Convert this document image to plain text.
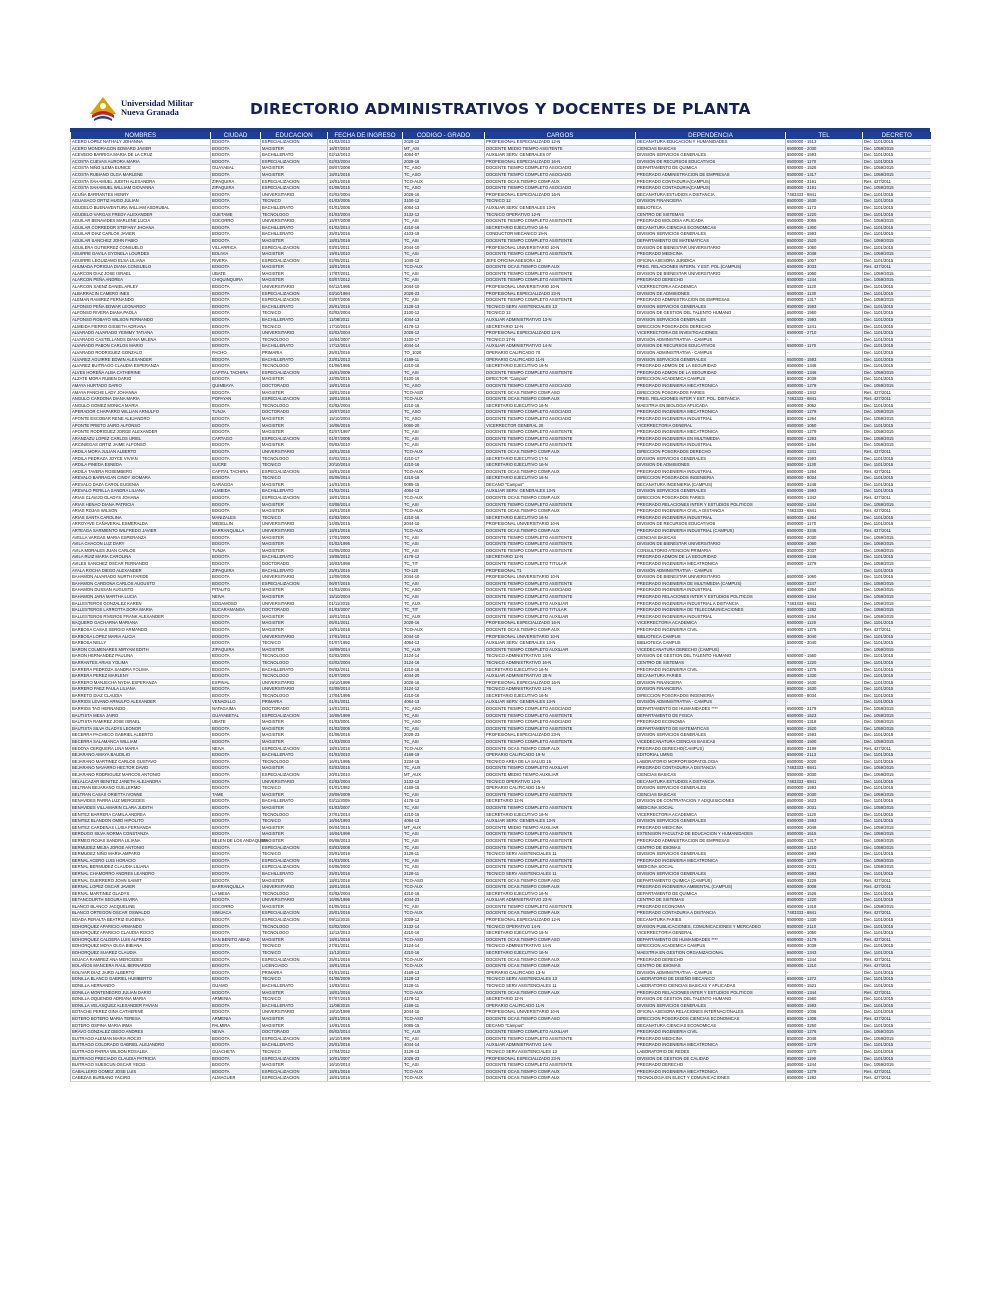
Universidad Militar
Nueva Granada	DIRECTORIO ADMINISTRATIVOS Y DOCENTES DE PLANTA
NOMBRES	CIUDAD	EDUCACION	FECHA DE INGRESO	CODIGO - GRADO	CARGOS	DEPENDENCIA	TEL	DECRETO
ACERO LOPEZ NATHALY JOHANNA	BOGOTA	ESPECIALIZACION	01/02/2013	2028-12	PROFESIONAL ESPECIALIZADO 12-N	DECANATURA EDUCACION Y HUMANIDADES	6500000 - 1513	Dec. 1101/2015
ACERO MONDRAGON EDWARD JAVIER	BOGOTA	MAGISTER	16/07/2010	MT_ASI	DOCENTE MEDIO TIEMPO ASISTENTE	CIENCIAS BASICAS	6500000 - 2030	Dec. 1059/2015
ACEVEDO BARRIGA MARIA DE LA CRUZ	BOGOTA	BACHILLERATO	02/12/2013	4064-07	AUXILIAR SERV. GENERALES 07	DIVISION SERVICIOS GENERALES	6500000 - 1593	Dec. 1101/2015
ACOSTA CUEVAS AURORA MARIA	BOGOTA	ESPECIALIZACION	02/03/2004	2028-16	PROFESIONAL ESPECIALIZADO 16-N	DIVISION DE RECURSOS EDUCATIVOS	6500000 - 1170	Dec. 1101/2015
ACOSTA NIÑO ILEMA EUNICE	GUAYABAL	MAGISTER	08/07/2008	TC_ASO	DOCENTE TIEMPO COMPLETO ASOCIADO	DEPARTAMENTO DE QUIMICA	6500000 - 1526	Dec. 1059/2015
ACOSTA RUBIANO OLGA MARLENE	BOGOTA	MAGISTER	18/01/2016	TC_ASO	DOCENTE TIEMPO COMPLETO ASOCIADO	PREGRADO ADMINISTRACION DE EMPRESAS	6500000 - 1317	Dec. 1059/2015
ACOSTA SAHAMUEL JUDITH ALEXANDRA	ZIPAQUIRA	ESPECIALIZACION	18/01/2016	TCO-AUX	DOCENTE OCAS.TIEMPO COMP.AUX	PREGRADO CONTADURIA(CAMPUS)	6500000 - 3191	Res. 427/2011
ACOSTA SAHAMUEL WILLIAM GIOVANNA	ZIPAQUIRA	ESPECIALIZACION	01/08/2015	TC_ASO	DOCENTE TIEMPO COMPLETO ASOCIADO	PREGRADO CONTADURIA(CAMPUS)	6500000 - 3191	Dec. 1059/2015
ACUÑA BARRANTES HENRY	BOGOTA	UNIVERSITARIO	02/02/2004	2028-16	PROFESIONAL ESPECIALIZADO 16-N	DECANATURA ESTUDIOS A DISTANCIA	7483333 - 6841	Dec. 1101/2015
AGUASACO ORTIZ HUGO JULIAN	BOGOTA	TECNICO	01/03/2005	3100-12	TECNICO 12	DIVISION FINANCIERA	6500000 - 1630	Dec. 1101/2015
AGUDELO BUENAVENTURA WILLIAM ASDRUBAL	BOGOTA	BACHILLERATO	01/01/2006	4064-13	AUXILIAR SERV. GENERALES 13-N	BIBLIOTECA	6500000 - 1173	Dec. 1101/2015
AGUDELO VARGAS FREDY ALEXANDER	GUETAME	TECNOLOGO	01/03/2004	3132-12	TECNICO OPERATIVO 12-N	CENTRO DE SISTEMAS	6500000 - 1220	Dec. 1101/2015
AGUILAR BENAVIDES MARLENE LUCIA	SOCORRO	UNIVERSITARIO	15/07/2008	TC_ASI	DOCENTE TIEMPO COMPLETO ASISTENTE	PREGRADO BIOLOGIA APLICADA	6500000 - 3065	Dec. 1059/2015
AGUILAR CORREDOR STEFANY JHOANA	BOGOTA	BACHILLERATO	01/02/2014	4210-16	SECRETARIO EJECUTIVO 16-N	DECANATURA CIENCIAS ECONOMICAS	6500000 - 1300	Dec. 1101/2015
AGUILAR DIAZ CARLOS JAVIER	BOGOTA	BACHILLERATO	25/01/2016	4103-19	CONDUCTOR MECANICO 19-N	DIVISION SERVICIOS GENERALES	6500000 - 1593	Dec. 1101/2015
AGUILAR SANCHEZ JOHN FABIO	BOGOTA	MAGISTER	18/01/2016	TC_ASI	DOCENTE TIEMPO COMPLETO ASISTENTE	DEPARTAMENTO DE MATEMATICAS	6500000 - 1520	Dec. 1059/2015
AGUILERA GUTIERREZ CONSUELO	VILLARRICA	ESPECIALIZACION	03/01/2011	2044-10	PROFESIONAL UNIVERSITARIO 10-N	DIVISION DE BIENESTAR UNIVERSITARIO	6500000 - 1060	Dec. 1101/2015
AGUIRRE DAVILA GYONELA LOURDES	BOLIVIA	MAGISTER	19/01/2010	TC_ASI	DOCENTE TIEMPO COMPLETO ASISTENTE	PREGRADO MEDICINA	6500000 - 2048	Dec. 1059/2015
AGUIRRE LEGUIZAMO ELSA LILIANA	RIVERA	ESPECIALIZACION	02/05/2011	1045-12	JEFE OFICINA ASESORA 12	OFICINA ASESORA JURIDICA	6500000 - 1007	Dec. 1101/2015
AHUMADA FORIGUA DIANA CONSUELO	BOGOTA	MAGISTER	18/01/2016	TCO-AUX	DOCENTE OCAS.TIEMPO COMP.AUX	PREG. RELACIONES INTERN. Y EST. POL.(CAMPUS)	6500000 - 3033	Res. 427/2011
ALARCON DIAZ JOSE ISRAEL	UBATE	MAGISTER	17/07/2011	TC_ASI	DOCENTE TIEMPO COMPLETO ASISTENTE	DIVISION DE BIENESTAR UNIVERSITARIO	6500000 - 1060	Dec. 1059/2015
ALARCON PEÑA ANDREA	CHIQUINQUIRA	MAGISTER	03/07/2012	TC_ASI	DOCENTE TIEMPO COMPLETO ASISTENTE	PREGRADO DERECHO	6500000 - 1244	Dec. 1059/2015
ALARCON SAENZ DANIEL ARLEY	BOGOTA	UNIVERSITARIO	04/12/1995	2044-10	PROFESIONAL UNIVERSITARIO 10-N	VICERRECTORIA ACADEMICA	6500000 - 1120	Dec. 1101/2015
ALBARRACIN CAMERO INES	BOGOTA	ESPECIALIZACION	03/10/1994	2028-23	PROFESIONAL ESPECIALIZADO 23-N	DIVISION DE ADMISIONES	6500000 - 1130	Dec. 1101/2015
ALEMAN RAMIREZ FERNANDO	BOGOTA	ESPECIALIZACION	03/07/2005	TC_ASI	DOCENTE TIEMPO COMPLETO ASISTENTE	PREGRADO ADMINISTRACION DE EMPRESAS	6500000 - 1317	Dec. 1059/2015
ALFONSO PEÑA EDWAR LEONARDO	BOGOTA	BACHILLERATO	25/01/2016	3128-13	TECNICO SERV ASISTENCIALES 13	DIVISION SERVICIOS GENERALES	6500000 - 1593	Dec. 1101/2015
ALFONSO RIVERA DIANA PAOLA	BOGOTA	TECNICO	02/02/2004	3100-12	TECNICO 12	DIVISION DE GESTION DEL TALENTO HUMANO	6500000 - 1560	Dec. 1101/2015
ALFONSO ROBAYO WILSON FERNANDO	BOGOTA	BACHILLERATO	11/08/2011	4044-13	AUXILIAR ADMINISTRATIVO 13-N	DIVISION SERVICIOS GENERALES	6500000 - 1593	Dec. 1101/2015
ALMEIDA FIERRO GISSETH ADRIANA	BOGOTA	TECNICO	17/10/2014	4178-12	SECRETARIO 12-N	DIRECCION POSGRADOS DERECHO	6500000 - 1241	Dec. 1101/2015
ALVARADO ALVARADO YEIMMY TATIANA	BOGOTA	UNIVERSITARIO	02/02/2004	2028-12	PROFESIONAL ESPECIALIZADO 12-N	VICERRECTORIA DE INVESTIGACIONES	6500000 - 2710	Dec. 1101/2015
ALVARADO CASTELLANOS DIANA MILENA	BOGOTA	TECNOLOGO	16/04/2007	3100-17	TECNICO 17-N	DIVISIÓN ADMINISTRATIVA - CAMPUS	-	Dec. 1101/2015
ALVARADO PABON CARLOS MARIO	BOGOTA	BACHILLERATO	17/12/2014	4044-14	AUXILIAR ADMINISTRATIVO 14-N	DIVISION DE RECURSOS EDUCATIVOS	6500000 - 1170	Dec. 1101/2015
ALVARADO RODRIGUEZ GONZALO	PACHO	PRIMARIA	25/01/2016	TO_1020	OPERARIO CALIFICADO 70	DIVISIÓN ADMINISTRATIVA - CAMPUS	-	Dec. 1101/2015
ALVAREZ AGUIRRE EDWIN ALEXANDER	BOGOTA	BACHILLERATO	23/01/2013	4169-11	OPERARIO CALIFICADO 11-N	DIVISION SERVICIOS GENERALES	6500000 - 1593	Dec. 1101/2015
ALVAREZ BUITRAGO CLAUDIA ESPERANZA	BOGOTA	TECNOLOGO	01/06/1995	4210-16	SECRETARIO EJECUTIVO 16-N	PREGRADO ADMON DE LA SEGURIDAD	6500000 - 1346	Dec. 1101/2015
ALVES HOREÑA ALBA CATHERINE	CAPITAL TACHIRA	ESPECIALIZACION	15/01/2009	TC_ASI	DOCENTE TIEMPO COMPLETO ASISTENTE	PREGRADO ADMON DE LA SEGURIDAD	6500000 - 1346	Dec. 1059/2015
ALZATE MORA RUBEN DARIO	BOGOTA	MAGISTER	22/05/2015	0100-16	DIRECTOR "Campus"	DIRECCION ACADEMICA CAMPUS	6500000 - 3039	Dec. 1101/2015
AMAYA HURTADO DARIO	QUIMBAYA	DOCTORADO	18/01/2016	TC_ASO	DOCENTE TIEMPO COMPLETO ASOCIADO	PREGRADO INGENIERIA MECATRONICA	6500000 - 1279	Dec. 1059/2015
AMAYA PANCHE LADY JOHANNA	BOGOTA	MAGISTER	18/01/2016	TCO-ASO	DOCENTE OCAS.TIEMPO COMP.ASO	DIRECCION POSGRADOS FARIES	6500000 - 1342	Res. 427/2011
ANGULO CARDONA DIANA MARIA	POPAYAN	ESPECIALIZACION	18/01/2016	TCO-AUX	DOCENTE OCAS.TIEMPO COMP.AUX	PREG. RELACIONES INTER Y EST. POL. DISTANCIA	7483333 - 6841	Res. 427/2011
ANGULO GOMEZ MONICA MARIA	BOGOTA	TECNOLOGO	02/02/2004	4210-16	SECRETARIO EJECUTIVO 16-N	MAESTRIA EN BIOLOGIA APLICADA	6500000 - 3062	Dec. 1101/2015
APERADOR CHAPARRO WILLIAN ARNULFO	TUNJA	DOCTORADO	16/07/2010	TC_ASO	DOCENTE TIEMPO COMPLETO ASOCIADO	PREGRADO INGENIERIA MECATRONICA	6500000 - 1279	Dec. 1059/2015
APONTE ESCOBAR RENE ALEJANDRO	BOGOTA	MAGISTER	15/10/2004	TC_ASO	DOCENTE TIEMPO COMPLETO ASOCIADO	PREGRADO INGENIERIA INDUSTRIAL	6500000 - 1264	Dec. 1059/2015
APONTE PRIETO JAIRO ALFONSO	BOGOTA	MAGISTER	16/06/2015	0060-20	VICERRECTOR GENERAL 20	VICERRECTORIA GENERAL	6500000 - 1050	Dec. 1101/2015
APONTE RODRIGUEZ JORGE ALEXANDER	BOGOTA	MAGISTER	02/07/1997	TC_ASI	DOCENTE TIEMPO COMPLETO ASISTENTE	PREGRADO INGENIERIA MECATRONICA	6500000 - 1279	Dec. 1059/2015
ARANZAZU LOPEZ CARLOS URIEL	CARTAGO	ESPECIALIZACION	01/07/2005	TC_ASI	DOCENTE TIEMPO COMPLETO ASISTENTE	PREGRADO INGENIERIA EN MULTIMEDIA	6500000 - 1293	Dec. 1059/2015
ARCINIEGAS ORTIZ JAIME ALFONSO	BOGOTA	MAGISTER	05/02/2010	TC_ASI	DOCENTE TIEMPO COMPLETO ASISTENTE	PREGRADO INGENIERIA INDUSTRIAL	6500000 - 1264	Dec. 1059/2015
ARDILA MORA JULIAN ALBERTO	BOGOTA	UNIVERSITARIO	18/01/2016	TCO-AUX	DOCENTE OCAS.TIEMPO COMP.AUX	DIRECCION POSGRADOS DERECHO	6500000 - 1241	Res. 427/2011
ARDILA PEDRAZA JOYCE VIVIAN	BOGOTA	TECNOLOGO	03/02/2014	4210-17	SECRETARIO EJECUTIVO 17-N	DIVISION SERVICIOS GENERALES	6500000 - 1593	Dec. 1101/2015
ARDILA PINEDA ESNEDA	SUCRE	TECNICO	20/10/2014	4210-16	SECRETARIO EJECUTIVO 16-N	DIVISION DE ADMISIONES	6500000 - 1130	Dec. 1101/2015
ARDILA TAVERA ROSEMBERG	CAPITAL TACHIRA	ESPECIALIZACION	18/01/2016	TCO-AUX	DOCENTE OCAS.TIEMPO COMP.AUX	PREGRADO INGENIERIA INDUSTRIAL	6500000 - 1264	Res. 427/2011
AREVALO BARRAGAN CINDY XIOMARA	BOGOTA	TECNICO	05/09/2014	4210-16	SECRETARIO EJECUTIVO 16-N	DIRECCION POSGRADOS INGENIERIA	6500000 - 8034	Dec. 1101/2015
AREVALO DAZA CAROL EUGENIA	GARAGOA	MAGISTER	14/01/2015	0085-15	DECANO "Campus"	DECANATURA INGENIERIA (CAMPUS)	6500000 - 3248	Dec. 1101/2015
AREVALO PERILLA SANDRA LILIANA	ALMEIDA	BACHILLERATO	01/02/2011	4064-13	AUXILIAR SERV. GENERALES 13-N	DIVISION SERVICIOS GENERALES	6500000 - 1593	Dec. 1101/2015
ARIAS CLAVIJO GLADYS JOHANA	BOGOTA	ESPECIALIZACION	18/01/2016	TCO-AUX	DOCENTE OCAS.TIEMPO COMP.AUX	DIRECCION POSGRADOS FARIES	6500000 - 1342	Res. 427/2011
ARIAS HENAO DIANA PATRICIA	BOGOTA	MAGISTER	03/08/2014	TC_ASI	DOCENTE TIEMPO COMPLETO ASISTENTE	PREGRADO RELACIONES INTER Y ESTUDIOS POLITICOS	6500000 - 1344	Dec. 1059/2015
ARIAS ROJAS WILSON	BOGOTA	MAGISTER	18/01/2016	TCO-AUX	DOCENTE OCAS.TIEMPO COMP.AUX	PREGRADO INGENIERIA CIVIL A DISTANCIA	7483333 - 6841	Res. 427/2011
ARIAS SANTA CAROLINA	MANIZALES	TECNICO	02/02/2004	4210-16	SECRETARIO EJECUTIVO 16-N	PREGRADO INGENIERIA INDUSTRIAL	6500000 - 1264	Dec. 1101/2015
ARROYAVE CAÑAVERAL ESMERALDA	MEDELLIN	UNIVERSITARIO	14/05/2015	2044-10	PROFESIONAL UNIVERSITARIO 10-N	DIVISION DE RECURSOS EDUCATIVOS	6500000 - 1170	Dec. 1101/2015
ARTEAGA SARMIENTO WILFREDO JAVIER	BARRANQUILLA	UNIVERSITARIO	18/01/2016	TCO-AUX	DOCENTE OCAS.TIEMPO COMP.AUX	PREGRADO INGENIERIA INDUSTRIAL (CAMPUS)	6500000 - 3245	Res. 427/2011
AVELLA VARGAS MARIA ESPERANZA	BOGOTA	MAGISTER	17/01/2000	TC_ASI	DOCENTE TIEMPO COMPLETO ASISTENTE	CIENCIAS BASICAS	6500000 - 2030	Dec. 1059/2015
AVILA CHACON LUZ DARY	BOGOTA	MAGISTER	01/02/1995	TC_ASI	DOCENTE TIEMPO COMPLETO ASISTENTE	DIVISION DE BIENESTAR UNIVERSITARIO	6500000 - 1060	Dec. 1059/2015
AVILA MORALES JUAN CARLOS	TUNJA	MAGISTER	02/05/2003	TC_ASI	DOCENTE TIEMPO COMPLETO ASISTENTE	CONSULTORIO ATENCION PRIMARIA	6500000 - 2037	Dec. 1059/2015
AVILA RUIZ MARIA CAROLINA	BOGOTA	BACHILLERATO	19/06/2012	4178-12	SECRETARIO 12-N	PREGRADO ADMON DE LA SEGURIDAD	6500000 - 1346	Dec. 1101/2015
AVILES SANCHEZ OSCAR FERNANDO	BOGOTA	DOCTORADO	16/03/1998	TC_TIT	DOCENTE TIEMPO COMPLETO TITULAR	PREGRADO INGENIERIA MECATRONICA	6500000 - 1279	Dec. 1059/2015
AYALA ROCHA DIEGO ALEXANDER	ZIPAQUIRA	BACHILLERATO	25/01/2016	TO-120	PROFESIONAL T1	DIVISIÓN ADMINISTRATIVA - CAMPUS	-	Dec. 1101/2015
BAHAMON ALVARADO NURTH FARIDE	BOGOTA	UNIVERSITARIO	12/09/2005	2044-10	PROFESIONAL UNIVERSITARIO 10-N	DIVISION DE BIENESTAR UNIVERSITARIO	6500000 - 1060	Dec. 1101/2015
BAHAMON CARDONA CARLOS AUGUSTO	BOGOTA	ESPECIALIZACION	06/07/2015	TC_ASI	DOCENTE TIEMPO COMPLETO ASISTENTE	PREGRADO INGENIERIA DE MULTIMEDIA (CAMPUS)	6500000 - 3247	Dec. 1059/2015
BAHAMON DUSSAN AUGUSTO	PITALITO	MAGISTER	01/03/2004	TC_ASO	DOCENTE TIEMPO COMPLETO ASOCIADO	PREGRADO INGENIERIA INDUSTRIAL	6500000 - 1264	Dec. 1059/2015
BAHAMON JARA MARTHA LUCIA	NEIVA	MAGISTER	15/10/2004	TC_ASI	DOCENTE TIEMPO COMPLETO ASISTENTE	PREGRADO RELACIONES INTER Y ESTUDIOS POLITICOS	6500000 - 1344	Dec. 1059/2015
BALLESTEROS GONZALEZ KAREN	SOGAMOSO	UNIVERSITARIO	01/11/2015	TC_AUX	DOCENTE TIEMPO COMPLETO AUXILIAR	PREGRADO INGENIERIA INDUSTRIAL A DISTANCIA	7483333 - 6841	Dec. 1059/2015
BALLESTEROS LARROTTA DORA MARIA	BUCARAMANGA	DOCTORADO	01/03/2007	TC_TIT	DOCENTE TIEMPO COMPLETO TITULAR	PREGRADO INGENIERIA DE TELECOMUNICACIONES	6500000 - 1282	Dec. 1059/2015
BALLESTEROS RIVEROS FRANK ALEXANDER	BOGOTA	MAGISTER	18/01/2015	TC_AUX	DOCENTE TIEMPO COMPLETO AUXILIAR	PREGRADO INGENIERIA INDUSTRIAL	6500000 - 1264	Dec. 1059/2015
BAQUERO GACHARNA MARIANA	BOGOTA	MAGISTER	05/01/2011	2028-16	PROFESIONAL ESPECIALIZADO 16-N	VICERRECTORIA ACADEMICA	6500000 - 1120	Dec. 1101/2015
BARBOSA CASAS SERGIO ARMANDO	BOGOTA	MAGISTER	18/01/2016	TCO-AUX	DOCENTE OCAS.TIEMPO COMP.AUX	PREGRADO INGENIERIA CIVIL	6500000 - 1276	Res. 427/2011
BARBOSA LOPEZ MARIA ALICIA	BOGOTA	UNIVERSITARIO	17/01/2013	2044-10	PROFESIONAL UNIVERSITARIO 10-N	BIBLIOTECA CAMPUS	6500000 - 3040	Dec. 1101/2015
BARBOSA NELLY	BOGOTA	TECNICO	01/07/1992	4064-13	AUXILIAR SERV. GENERALES 13-N	BIBLIOTECA CAMPUS	6500000 - 3040	Dec. 1101/2015
BARON COLMENARES MIRYAM EDITH	ZIPAQUIRA	MAGISTER	18/09/2014	TC_AUX	DOCENTE TIEMPO COMPLETO AUXILIAR	VICEDECANATURA DERECHO (CAMPUS)	-	Dec. 1059/2015
BARON HERNANDEZ PAULINA	BOGOTA	TECNOLOGO	02/02/2004	3124-14	TECNICO ADMINISTRATIVO 14-N	DIVISION DE GESTION DEL TALENTO HUMANO	6500000 - 1560	Dec. 1101/2015
BARRANTES ARIAS YOLIMA	BOGOTA	TECNOLOGO	02/02/2004	3124-16	TECNICO ADMINISTRATIVO 16-N	CENTRO DE SISTEMAS	6500000 - 1220	Dec. 1101/2015
BARRERA PEDROZA SANDRA YOLIMA	BOGOTA	BACHILLERATO	08/02/2011	4210-16	SECRETARIO EJECUTIVO 16-N	PREGRADO INGENIERIA CIVIL	6500000 - 1276	Dec. 1101/2015
BARRERA PEREZ MARLENY	BOGOTA	TECNOLOGO	01/07/2003	4044-20	AUXILIAR ADMINISTRATIVO 20-N	DECANATURA FARIES	6500000 - 1330	Dec. 1101/2015
BARRERO MANJECHA NYDIA ESPERANZA	ESPINAL	UNIVERSITARIO	19/10/1999	2028-16	PROFESIONAL ESPECIALIZADO 16-N	DIVISION FINANCIERA	6500000 - 1630	Dec. 1101/2015
BARRERO PAEZ PAULA LILIANA	BOGOTA	UNIVERSITARIO	02/09/2014	3124-12	TECNICO ADMINISTRATIVO 12-N	DIVISION FINANCIERA	6500000 - 1630	Dec. 1101/2015
BARRETO DIAZ CLAUDIA	BOGOTA	TECNOLOGO	17/04/1995	4210-16	SECRETARIO EJECUTIVO 16-N	DIRECCION POSGRADOS INGENIERIA	6500000 - 8034	Dec. 1101/2015
BARRIOS LEVANO ARNULFO ALEXANDER	VENADILLO	PRIMARIA	01/01/2011	4064-13	AUXILIAR SERV. GENERALES 13-N	DIVISIÓN ADMINISTRATIVA - CAMPUS	-	Dec. 1101/2015
BARRIOS TAO HERNANDO	NATAGAIMA	DOCTORADO	14/01/2011	TC_ASO	DOCENTE TIEMPO COMPLETO ASOCIADO	DEPARTAMENTO DE HUMANIDADES ****	6500000 - 3179	Dec. 1059/2015
BAUTISTA MESA JAIRO	GUAYABETAL	ESPECIALIZACION	16/09/1999	TC_ASI	DOCENTE TIEMPO COMPLETO ASISTENTE	DEPARTAMENTO DE FISICA	6500000 - 1523	Dec. 1059/2015
BAUTISTA RAMIREZ JOSE ISRAEL	UBATE	MAGISTER	01/03/2001	TC_ASO	DOCENTE TIEMPO COMPLETO ASOCIADO	PREGRADO ECONOMIA	6500000 - 1318	Dec. 1059/2015
BAUTISTA SILVA GLADYS LEONOR	BOGOTA	MAGISTER	01/03/2005	TC_ASI	DOCENTE TIEMPO COMPLETO ASISTENTE	DEPARTAMENTO DE MATEMATICAS	6500000 - 1520	Dec. 1059/2015
BECERRA PACHECO GABRIEL ALBERTO	BOGOTA	MAGISTER	01/06/2015	2028-23	PROFESIONAL ESPECIALIZADO 23-N	DIVISION SERVICIOS GENERALES	6500000 - 1593	Dec. 1101/2015
BECERRA SALAMANCA WILLIAM	BOGOTA	MAGISTER	01/03/2003	TC_ASI	DOCENTE TIEMPO COMPLETO ASISTENTE	VICEDECANATURA CIENCIAS BASICAS	6500000 - 1500	Dec. 1059/2015
BEDOYA CERQUERA LINA MARIA	NEIVA	ESPECIALIZACION	18/01/2016	TCO-AUX	DOCENTE OCAS.TIEMPO COMP.AUX	PREGRADO DERECHO(CAMPUS)	6500000 - 3199	Res. 427/2011
BEJARANO AMAYA BAUDILIO	BOGOTA	BACHILLERATO	01/03/2010	4169-19	OPERARIO CALIFICADO 19-N	EDITORIAL UMNG	6500000 - 2113	Dec. 1101/2015
BEJARANO MARTINEZ CARLOS GUSTAVO	BOGOTA	TECNOLOGO	16/01/1995	3234-15	TECNICO AREA DE LA SALUD 15	LABORATORIO MORFOFISIOPATOLOGIA	6500000 - 2020	Dec. 1101/2015
BEJARANO NAVARRO HECTOR DAVID	BOGOTA	MAGISTER	02/03/2015	TC_AUX	DOCENTE TIEMPO COMPLETO AUXILIAR	PREGRADO CONTADURIA A DISTANCIA	7483333 - 6841	Dec. 1059/2015
BEJARANO RODRIGUEZ MARCOS ANTONIO	BOGOTA	ESPECIALIZACION	20/01/2010	MT_AUX	DOCENTE MEDIO TIEMPO AUXILIAR	CIENCIAS BASICAS	6500000 - 2030	Dec. 1059/2015
BELALCAZAR BENITEZ JANETH ALEJANDRA	BOGOTA	UNIVERSITARIO	02/02/2004	3132-12	TECNICO OPERATIVO 12-N	DECANATURA ESTUDIOS A DISTANCIA	7483333 - 6841	Dec. 1101/2015
BELTRAN BEJARANO GUILLERMO	BOGOTA	TECNICO	01/01/1982	4169-15	OPERARIO CALIFICADO 15-N	DIVISION SERVICIOS GENERALES	6500000 - 1593	Dec. 1101/2015
BELTRAN CASAS ORIETTA IVONNE	TAME	MAGISTER	29/09/2009	TC_ASI	DOCENTE TIEMPO COMPLETO ASISTENTE	CIENCIAS BASICAS	6500000 - 2030	Dec. 1059/2015
BENAVIDES PARRA LUZ MERCEDES	BOGOTA	BACHILLERATO	03/11/2009	4178-12	SECRETARIO 12-N	DIVISION DE CONTRATACION Y ADQUISICIONES	6500000 - 1623	Dec. 1101/2015
BENAVIDES VILLAMARIN CLARA JUDITH	BOGOTA	MAGISTER	01/03/2007	TC_ASI	DOCENTE TIEMPO COMPLETO ASISTENTE	MEDICINA SOCIAL	6500000 - 2031	Dec. 1059/2015
BENITEZ BARRERA CAMILA ANDREA	BOGOTA	TECNOLOGO	27/01/2014	4210-16	SECRETARIO EJECUTIVO 16-N	VICERRECTORIA ACADEMICA	6500000 - 1120	Dec. 1101/2015
BENITEZ BLANDON OMID HIPOLITO	BOGOTA	TECNICO	16/04/1993	4064-13	AUXILIAR SERV. GENERALES 13-N	DIVISION SERVICIOS GENERALES	6500000 - 1593	Dec. 1101/2015
BENITEZ CARDENAS LUISA FERNANDA	BOGOTA	MAGISTER	06/04/2015	MT_AUX	DOCENTE MEDIO TIEMPO AUXILIAR	PREGRADO MEDICINA	6500000 - 2048	Dec. 1059/2015
BERDUGO SILVA NORMA CONSTANZA	BOGOTA	MAGISTER	16/04/1998	TC_ASI	DOCENTE TIEMPO COMPLETO ASISTENTE	EXTENSION FACULTAD DE EDUCACION Y HUMANIDADES	6500000 - 1515	Dec. 1059/2015
BERMEO ROJAS SANDRA LILIANA	BELEN DE LOS ANDAQUIES	MAGISTER	05/08/2013	TC_ASI	DOCENTE TIEMPO COMPLETO ASISTENTE	PREGRADO ADMINISTRACION DE EMPRESAS	6500000 - 1317	Dec. 1059/2015
BERMUDEZ MEJIA JORGE ANTONIO	BOGOTA	ESPECIALIZACION	03/03/2008	TC_ASI	DOCENTE TIEMPO COMPLETO ASISTENTE	CENTRO DE IDIOMAS	6500000 - 1210	Dec. 1059/2015
BERMUDEZ NIÑO MARIA AMPARO	BOGOTA	TECNICO	25/01/2016	3128-11	TECNICO SERV ASISTENCIALES 11	DIVISION SERVICIOS GENERALES	6500000 - 1593	Dec. 1101/2015
BERNAL ACERO LUIS HORACIO	BOGOTA	ESPECIALIZACION	01/03/2001	TC_ASI	DOCENTE TIEMPO COMPLETO ASISTENTE	PREGRADO INGENIERIA MECATRONICA	6500000 - 1279	Dec. 1059/2015
BERNAL BERMUDEZ CLAUDIA LILIANA	BOGOTA	ESPECIALIZACION	04/06/2002	TC_ASI	DOCENTE TIEMPO COMPLETO ASISTENTE	MEDICINA SOCIAL	6500000 - 2031	Dec. 1059/2015
BERNAL CHAMORRO ANDRES LEANDRO	BOGOTA	BACHILLERATO	25/01/2016	3128-11	TECNICO SERV ASISTENCIALES 11	DIVISION SERVICIOS GENERALES	6500000 - 1593	Dec. 1101/2015
BERNAL GUERRERO JOHN SAIMIT	BOGOTA	MAGISTER	18/01/2016	TCO-ASO	DOCENTE OCAS.TIEMPO COMP.ASO	DEPARTAMENTO QUIMICA (CAMPUS)	6500000 - 3229	Res. 427/2011
BERNAL LOPEZ OSCAR JAVIER	BARRANQUILLA	UNIVERSITARIO	18/01/2016	TCO-AUX	DOCENTE OCAS.TIEMPO COMP.AUX	PREGRADO INGENIERIA AMBIENTAL (CAMPUS)	6500000 - 3008	Res. 427/2011
BERNAL MARTINEZ GLADYS	LA MESA	TECNOLOGO	02/02/2004	4210-16	SECRETARIO EJECUTIVO 16-N	DEPARTAMENTO DE QUIMICA	6500000 - 1526	Dec. 1101/2015
BETANCOURTH SEGURA ELVIRA	BOGOTA	UNIVERSITARIO	16/05/1996	4044-23	AUXILIAR ADMINISTRATIVO 23-N	CENTRO DE SISTEMAS	6500000 - 1220	Dec. 1101/2015
BLANCO BLANCO JACQUELINE	SOCORRO	MAGISTER	01/05/2013	TC_ASI	DOCENTE TIEMPO COMPLETO ASISTENTE	PREGRADO ECONOMIA	6500000 - 1318	Dec. 1059/2015
BLANCO ORTEGON OSCAR OSWALDO	SIMIJACA	ESPECIALIZACION	25/01/2016	TCO-AUX	DOCENTE OCAS.TIEMPO COMP.AUX	PREGRADO CONTADURIA A DISTANCIA	7483333 - 6841	Res. 427/2011
BOADA PERALTA BEATRIZ EUGENIA	BOGOTA	ESPECIALIZACION	09/11/2015	2028-12	PROFESIONAL ESPECIALIZADO 12-N	DECANATURA FARIES	6500000 - 1330	Dec. 1101/2015
BOHORQUEZ APARICIO ARMANDO	BOGOTA	TECNOLOGO	02/02/2004	3132-14	TECNICO OPERATIVO 14-N	DIVISION PUBLICACIONES, COMUNICACIONES Y MERCADEO	6500000 - 2110	Dec. 1101/2015
BOHORQUEZ APARICIO CLAUDIA ROCIO	BOGOTA	TECNOLOGO	12/12/2013	4210-16	SECRETARIO EJECUTIVO 16-N	VICERRECTORIA GENERAL	6500000 - 1050	Dec. 1101/2015
BOHORQUEZ CALDERA LUIS ALFREDO	SAN BENITO ABAD	MAGISTER	18/01/2016	TCO-ASO	DOCENTE OCAS.TIEMPO COMP.ASO	DEPARTAMENTO DE HUMANIDADES ****	6500000 - 3179	Res. 427/2011
BOHORQUEZ MOYA OLGA BIBIANA	BOGOTA	TECNICO	27/01/2011	3124-14	TECNICO ADMINISTRATIVO 14-N	DIRECCION ACADEMICA CAMPUS	6500000 - 3039	Dec. 1101/2015
BOHORQUEZ SUAREZ CLAUDIA	BOGOTA	TECNICO	11/12/2013	4210-16	SECRETARIO EJECUTIVO 16-N	MAESTRIA EN GESTION ORGANIZACIONAL	6500000 - 1343	Dec. 1101/2015
BOJACA RAMIREZ ANA MERCEDES	BOGOTA	ESPECIALIZACION	25/01/2016	TCO-AUX	DOCENTE OCAS.TIEMPO COMP.AUX	PREGRADO DERECHO	6500000 - 1244	Res. 427/2011
BOLAÑOS MANCERA RAUL BERNARDO	BOGOTA	LICENCIADO	18/01/2016	TCO-AUX	DOCENTE OCAS.TIEMPO COMP.AUX	CENTRO DE IDIOMAS	6500000 - 1210	Res. 427/2011
BOLIVAR DIAZ JAIRO ALBERTO	BOGOTA	PRIMARIA	01/01/2011	4169-13	OPERARIO CALIFICADO 13-N	DIVISIÓN ADMINISTRATIVA - CAMPUS	-	Dec. 1101/2015
BONILLA BLANCO GABRIEL HUMBERTO	BOGOTA	TECNICO	01/06/2009	3128-13	TECNICO SERV ASISTENCIALES 13	LABORATORIO DE DISEÑO MECANICO	6500000 - 1272	Dec. 1101/2015
BONILLA HERNANDO	GUAMO	BACHILLERATO	14/03/2011	3128-11	TECNICO SERV ASISTENCIALES 11	LABORATORIO CIENCIAS BASICAS Y APLICADAS	6500000 - 1521	Dec. 1101/2015
BONILLA MONTENEGRO JULIAN DARIO	BOGOTA	MAGISTER	18/01/2016	TCO-AUX	DOCENTE OCAS.TIEMPO COMP.AUX	PREGRADO RELACIONES INTER Y ESTUDIOS POLITICOS	6500000 - 1344	Res. 427/2011
BONILLA OQUENDO ADRIANA MARIA	ARMENIA	TECNICO	07/07/2015	4178-12	SECRETARIO 12-N	DIVISION DE GESTION DEL TALENTO HUMANO	6500000 - 1560	Dec. 1101/2015
BONILLA VELASQUEZ ALEXANDER FAVIAN	BOGOTA	BACHILLERATO	11/08/2015	4169-11	OPERARIO CALIFICADO 11-N	DIVISION SERVICIOS GENERALES	6500000 - 1593	Dec. 1101/2015
BOTACHE PEREZ GINA CATHERINE	BOGOTA	UNIVERSITARIO	19/10/1999	2044-10	PROFESIONAL UNIVERSITARIO 10-N	OFICINA ASESORA RELACIONES INTERNACIONALES	6500000 - 1036	Dec. 1101/2015
BOTERO BOTERO MARIA TERESA	ARMENIA	MAGISTER	18/01/2016	TCO-ASO	DOCENTE OCAS.TIEMPO COMP.ASO	DIRECCION POSGRADOS CIENCIAS ECONOMICAS	6500000 - 1308	Res. 427/2011
BOTERO OSPINA MARIA IRMA	PALMIRA	MAGISTER	14/01/2015	0085-15	DECANO "Campus"	DECANATURA CIENCIAS ECONOMICAS	6500000 - 3250	Dec. 1101/2015
BRAVO GONZALEZ DIEGO ANDRES	NEIVA	DOCTORADO	05/02/2014	TC_AUX	DOCENTE TIEMPO COMPLETO AUXILIAR	PREGRADO INGENIERIA CIVIL	6500000 - 1276	Dec. 1059/2015
BUITRAGO ALEMAN MARIA ROCIO	BOGOTA	ESPECIALIZACION	16/10/1999	TC_ASI	DOCENTE TIEMPO COMPLETO ASISTENTE	PREGRADO MEDICINA	6500000 - 2048	Dec. 1059/2015
BUITRAGO COLORADO GABRIEL ALEJANDRO	BOGOTA	BACHILLERATO	25/01/2016	4044-14	AUXILIAR ADMINISTRATIVO 14-N	PREGRADO INGENIERIA MECATRONICA	6500000 - 1279	Dec. 1101/2015
BUITRAGO PARRA WILSON ROSALBA	GUACHETA	TECNICO	17/04/2012	3128-13	TECNICO SERV ASISTENCIALES 13	LABORATORIO DE REDES	6500000 - 1270	Dec. 1101/2015
BUITRAGO PRECIADO CLAUDIA PATRICIA	BOGOTA	ESPECIALIZACION	10/01/2007	2028-23	PROFESIONAL ESPECIALIZADO 23-N	DIVISION DE GESTION DE CALIDAD	6500000 - 1190	Dec. 1101/2015
BUITRAGO SUESCUN OSCAR YECID	BOGOTA	MAGISTER	16/10/2014	TC_ASI	DOCENTE TIEMPO COMPLETO ASISTENTE	PREGRADO DERECHO	6500000 - 1244	Dec. 1059/2015
CABALLERO GOMEZ JOSE LUIS	BOGOTA	ESPECIALIZACION	18/01/2016	TCO-AUX	DOCENTE OCAS.TIEMPO COMP.AUX	PREGRADO INGENIERIA MECATRONICA	6500000 - 1279	Res. 427/2011
CABEZAS BURBANO YACIRO	ALMAGUER	ESPECIALIZACION	18/01/2016	TCO-AUX	DOCENTE OCAS.TIEMPO COMP.AUX	TECNOLOGIA EN ELECT Y COMUNICACIONES	6500000 - 1282	Res. 427/2011
